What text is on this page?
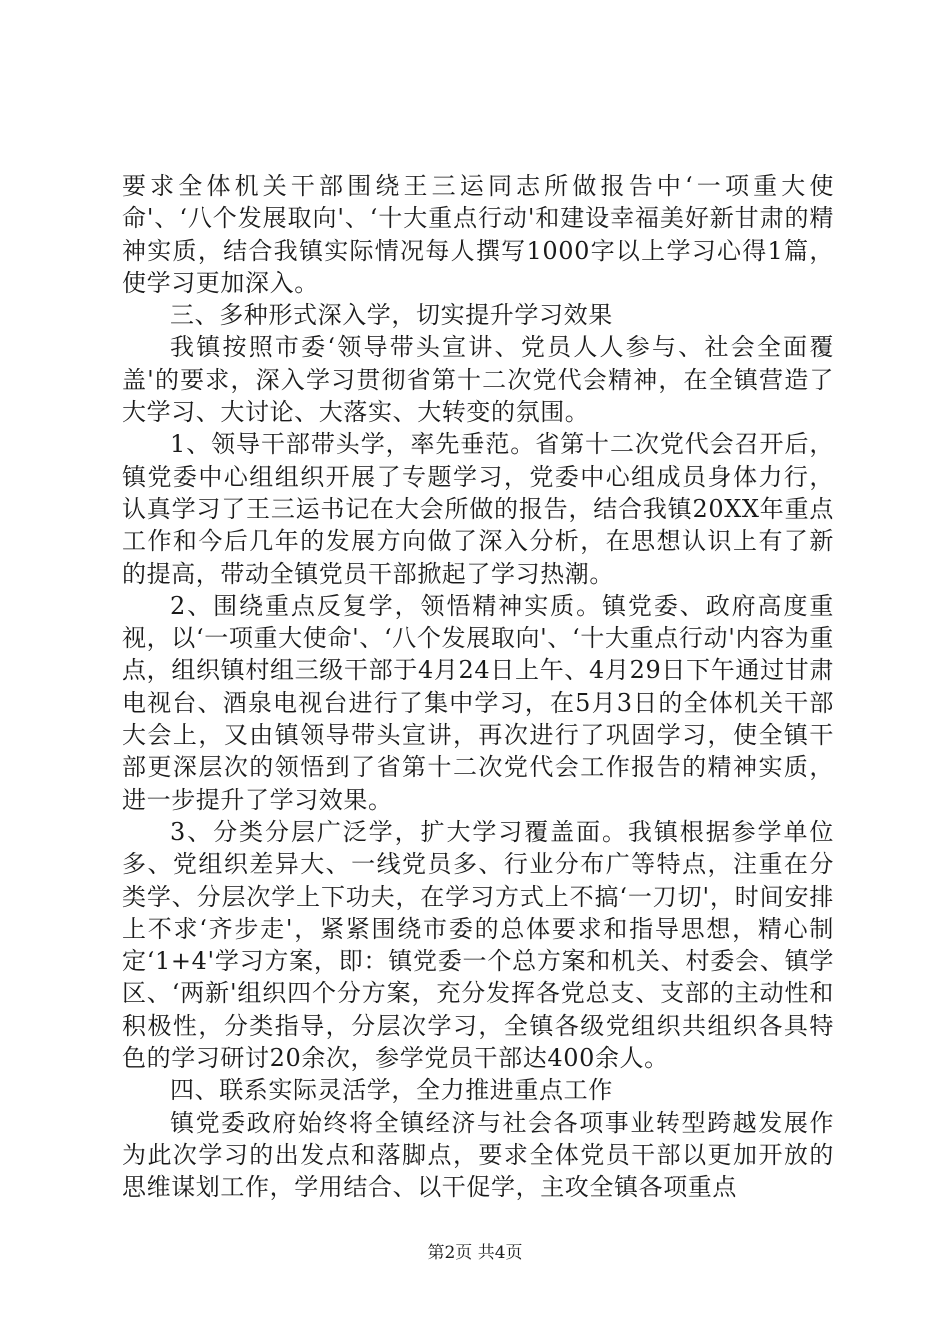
要求全体机关干部围绕王三运同志所做报告中‘一项重大使命'、‘八个发展取向'、‘十大重点行动'和建设幸福美好新甘肃的精神实质，结合我镇实际情况每人撰写1000字以上学习心得1篇，使学习更加深入。

三、多种形式深入学，切实提升学习效果

我镇按照市委‘领导带头宣讲、党员人人参与、社会全面覆盖'的要求，深入学习贯彻省第十二次党代会精神，在全镇营造了大学习、大讨论、大落实、大转变的氛围。

1、领导干部带头学，率先垂范。省第十二次党代会召开后，镇党委中心组组织开展了专题学习，党委中心组成员身体力行，认真学习了王三运书记在大会所做的报告，结合我镇20XX年重点工作和今后几年的发展方向做了深入分析，在思想认识上有了新的提高，带动全镇党员干部掀起了学习热潮。

2、围绕重点反复学，领悟精神实质。镇党委、政府高度重视，以‘一项重大使命'、‘八个发展取向'、‘十大重点行动'内容为重点，组织镇村组三级干部于4月24日上午、4月29日下午通过甘肃电视台、酒泉电视台进行了集中学习，在5月3日的全体机关干部大会上，又由镇领导带头宣讲，再次进行了巩固学习，使全镇干部更深层次的领悟到了省第十二次党代会工作报告的精神实质，进一步提升了学习效果。

3、分类分层广泛学，扩大学习覆盖面。我镇根据参学单位多、党组织差异大、一线党员多、行业分布广等特点，注重在分类学、分层次学上下功夫，在学习方式上不搞‘一刀切'，时间安排上不求‘齐步走'，紧紧围绕市委的总体要求和指导思想，精心制定‘1+4'学习方案，即：镇党委一个总方案和机关、村委会、镇学区、‘两新'组织四个分方案，充分发挥各党总支、支部的主动性和积极性，分类指导，分层次学习，全镇各级党组织共组织各具特色的学习研讨20余次，参学党员干部达400余人。

四、联系实际灵活学，全力推进重点工作

镇党委政府始终将全镇经济与社会各项事业转型跨越发展作为此次学习的出发点和落脚点，要求全体党员干部以更加开放的思维谋划工作，学用结合、以干促学，主攻全镇各项重点

第2页 共4页
